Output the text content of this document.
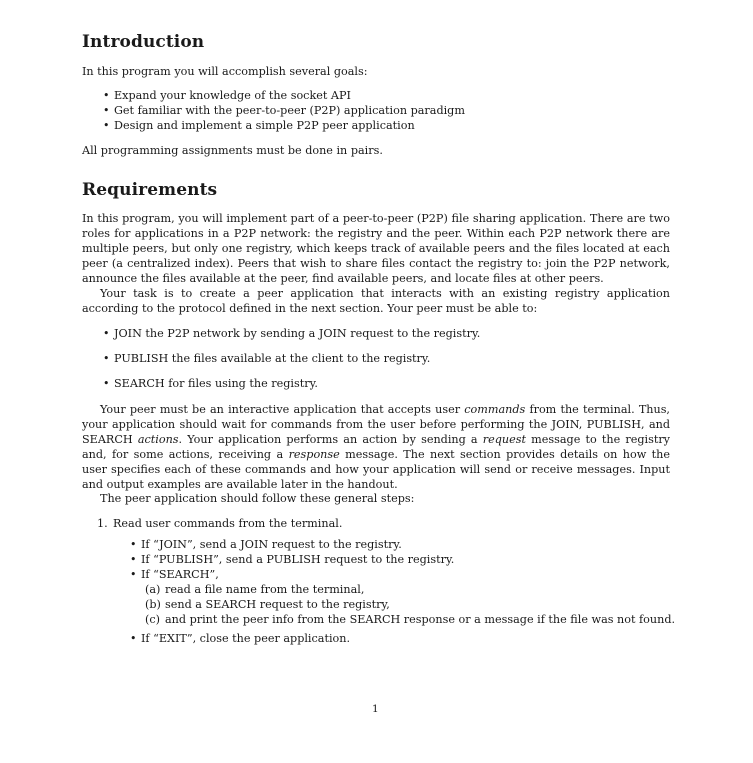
Introduction
In this program you will accomplish several goals:
• Expand your knowledge of the socket API
• Get familiar with the peer-to-peer (P2P) application paradigm
• Design and implement a simple P2P peer application
All programming assignments must be done in pairs.
Requirements
In this program, you will implement part of a peer-to-peer (P2P) file sharing application. There are two roles for applications in a P2P network: the registry and the peer. Within each P2P network there are multiple peers, but only one registry, which keeps track of available peers and the files located at each peer (a centralized index). Peers that wish to share files contact the registry to: join the P2P network, announce the files available at the peer, find available peers, and locate files at other peers.
Your task is to create a peer application that interacts with an existing registry application according to the protocol defined in the next section. Your peer must be able to:
• JOIN the P2P network by sending a JOIN request to the registry.
• PUBLISH the files available at the client to the registry.
• SEARCH for files using the registry.
Your peer must be an interactive application that accepts user commands from the terminal. Thus, your application should wait for commands from the user before performing the JOIN, PUBLISH, and SEARCH actions. Your application performs an action by sending a request message to the registry and, for some actions, receiving a response message. The next section provides details on how the user specifies each of these commands and how your application will send or receive messages. Input and output examples are available later in the handout.
The peer application should follow these general steps:
1. Read user commands from the terminal.
• If “JOIN”, send a JOIN request to the registry.
• If “PUBLISH”, send a PUBLISH request to the registry.
• If “SEARCH”,
(a) read a file name from the terminal,
(b) send a SEARCH request to the registry,
(c) and print the peer info from the SEARCH response or a message if the file was not found.
• If “EXIT”, close the peer application.
1
